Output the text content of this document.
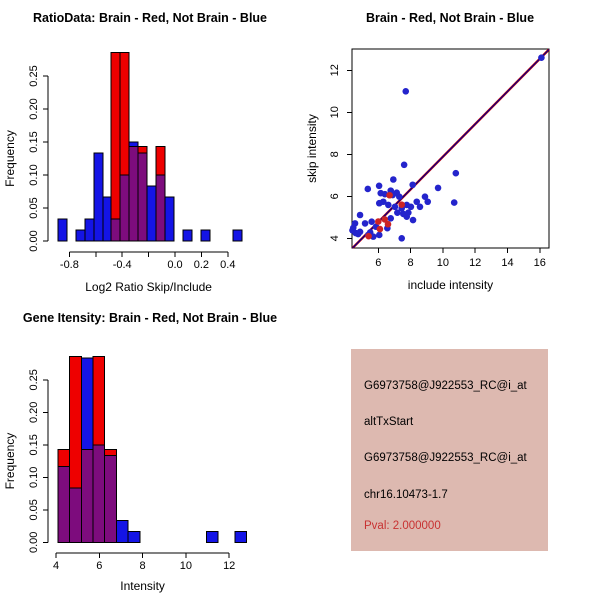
RatioData: Brain - Red, Not Brain - Blue
0.00
0.05
0.10
0.15
0.20
0.25
Frequency
-0.8	-0.4	0.0 0.2 0.4
Log2 Ratio Skip/Include
Brain - Red, Not Brain - Blue
6 8 10 12 14 16
include intensity
4
6
8
10
12
skip intensity
Gene Itensity: Brain - Red, Not Brain - Blue
0.00
0.05
0.10
0.15
0.20
0.25
Frequency
4	6	8	10	12
Intensity
G6973758@J922553_RC@i_at
altTxStart
G6973758@J922553_RC@i_at
chr16.10473-1.7
Pval: 2.000000
